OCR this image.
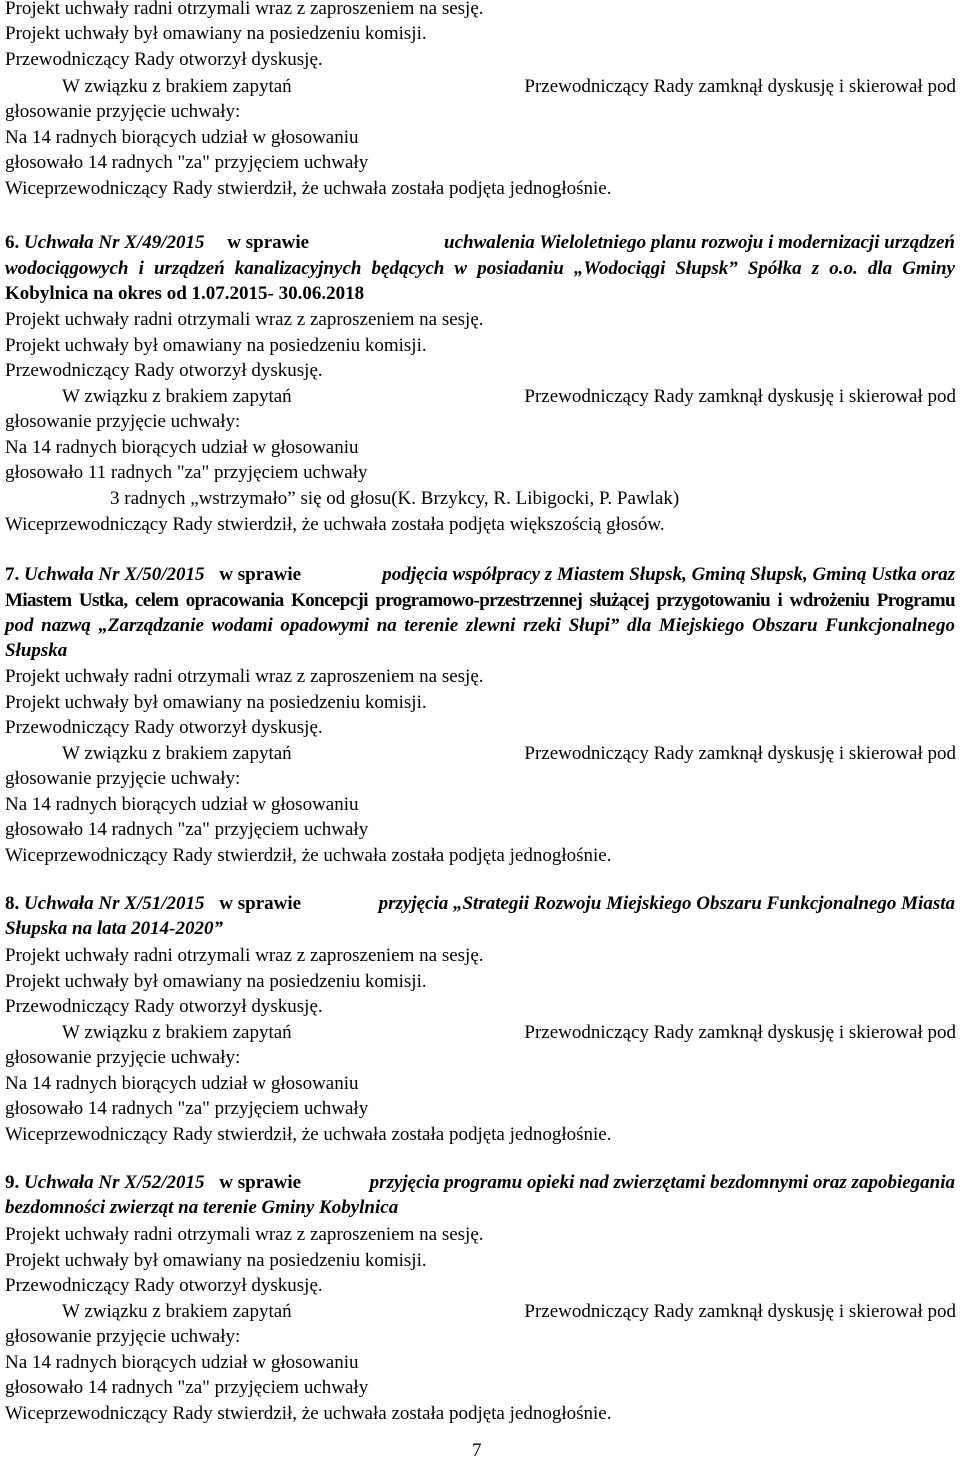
Projekt uchwały radni otrzymali wraz z zaproszeniem na sesję.
Projekt uchwały był omawiany na posiedzeniu komisji.
Przewodniczący Rady otworzył dyskusję.
W związku z brakiem zapytań	Przewodniczący Rady zamknął dyskusję i skierował pod
głosowanie przyjęcie uchwały:
Na 14 radnych biorących udział w głosowaniu
głosowało 14 radnych "za" przyjęciem uchwały
Wiceprzewodniczący Rady stwierdził, że uchwała została podjęta jednogłośnie.
6. Uchwała Nr X/49/2015 w sprawie	uchwalenia Wieloletniego planu rozwoju i modernizacji urządzeń
wodociągowych i urządzeń kanalizacyjnych będących w posiadaniu „Wodociągi Słupsk” Spółka z o.o. dla Gminy
Kobylnica na okres od 1.07.2015- 30.06.2018
Projekt uchwały radni otrzymali wraz z zaproszeniem na sesję.
Projekt uchwały był omawiany na posiedzeniu komisji.
Przewodniczący Rady otworzył dyskusję.
W związku z brakiem zapytań	Przewodniczący Rady zamknął dyskusję i skierował pod
głosowanie przyjęcie uchwały:
Na 14 radnych biorących udział w głosowaniu
głosowało 11 radnych "za" przyjęciem uchwały
3 radnych „wstrzymało” się od głosu(K. Brzykcy, R. Libigocki, P. Pawlak)
Wiceprzewodniczący Rady stwierdził, że uchwała została podjęta większością głosów.
7. Uchwała Nr X/50/2015 w sprawie	podjęcia współpracy z Miastem Słupsk, Gminą Słupsk, Gminą Ustka oraz
Miastem Ustka, celem opracowania Koncepcji programowo-przestrzennej służącej przygotowaniu i wdrożeniu Programu
pod nazwą „Zarządzanie wodami opadowymi na terenie zlewni rzeki Słupi” dla Miejskiego Obszaru Funkcjonalnego
Słupska
Projekt uchwały radni otrzymali wraz z zaproszeniem na sesję.
Projekt uchwały był omawiany na posiedzeniu komisji.
Przewodniczący Rady otworzył dyskusję.
W związku z brakiem zapytań	Przewodniczący Rady zamknął dyskusję i skierował pod
głosowanie przyjęcie uchwały:
Na 14 radnych biorących udział w głosowaniu
głosowało 14 radnych "za" przyjęciem uchwały
Wiceprzewodniczący Rady stwierdził, że uchwała została podjęta jednogłośnie.
8. Uchwała Nr X/51/2015 w sprawie	przyjęcia „Strategii Rozwoju Miejskiego Obszaru Funkcjonalnego Miasta
Słupska na lata 2014-2020”
Projekt uchwały radni otrzymali wraz z zaproszeniem na sesję.
Projekt uchwały był omawiany na posiedzeniu komisji.
Przewodniczący Rady otworzył dyskusję.
W związku z brakiem zapytań	Przewodniczący Rady zamknął dyskusję i skierował pod
głosowanie przyjęcie uchwały:
Na 14 radnych biorących udział w głosowaniu
głosowało 14 radnych "za" przyjęciem uchwały
Wiceprzewodniczący Rady stwierdził, że uchwała została podjęta jednogłośnie.
9. Uchwała Nr X/52/2015 w sprawie	przyjęcia programu opieki nad zwierzętami bezdomnymi oraz zapobiegania
bezdomności zwierząt na terenie Gminy Kobylnica
Projekt uchwały radni otrzymali wraz z zaproszeniem na sesję.
Projekt uchwały był omawiany na posiedzeniu komisji.
Przewodniczący Rady otworzył dyskusję.
W związku z brakiem zapytań	Przewodniczący Rady zamknął dyskusję i skierował pod
głosowanie przyjęcie uchwały:
Na 14 radnych biorących udział w głosowaniu
głosowało 14 radnych "za" przyjęciem uchwały
Wiceprzewodniczący Rady stwierdził, że uchwała została podjęta jednogłośnie.
7
